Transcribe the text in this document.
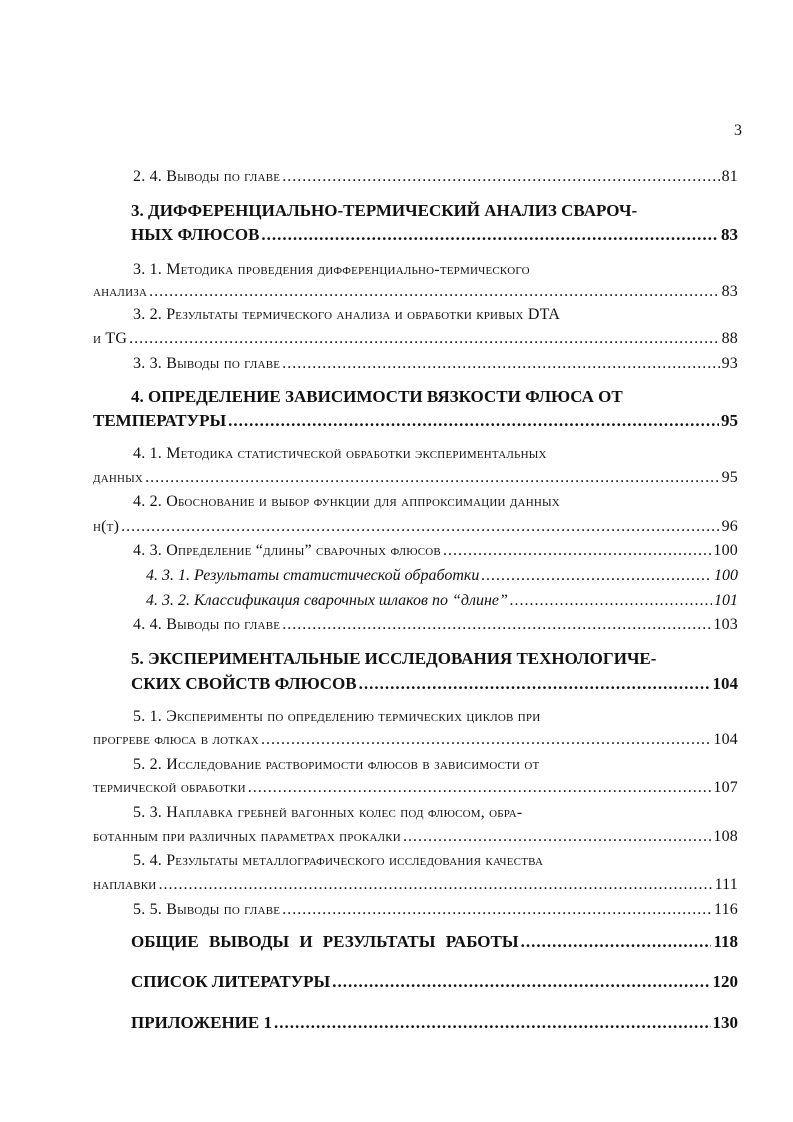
3
2. 4. Выводы по главе .....	81
3. ДИФФЕРЕНЦИАЛЬНО-ТЕРМИЧЕСКИЙ АНАЛИЗ СВАРОЧ-
НЫХ ФЛЮСОВ .....	83
3. 1. Методика проведения дифференциально-термического
анализа .....	83
3. 2. Результаты термического анализа и обработки кривых DTA
и TG .....	88
3. 3. Выводы по главе .....	93
4. ОПРЕДЕЛЕНИЕ ЗАВИСИМОСТИ ВЯЗКОСТИ ФЛЮСА ОТ
ТЕМПЕРАТУРЫ .....	95
4. 1. Методика статистической обработки экспериментальных
данных .....	95
4. 2. Обоснование и выбор функции для аппроксимации данных
η(т) .....	96
4. 3. Определение “длины” сварочных флюсов .....	100
4. 3. 1. Результаты статистической обработки .....	100
4. 3. 2. Классификация сварочных шлаков по “длине” .....	101
4. 4. Выводы по главе .....	103
5. ЭКСПЕРИМЕНТАЛЬНЫЕ ИССЛЕДОВАНИЯ ТЕХНОЛОГИЧЕ-
СКИХ СВОЙСТВ ФЛЮСОВ .....	104
5. 1. Эксперименты по определению термических циклов при
прогреве флюса в лотках .....	104
5. 2. Исследование растворимости флюсов в зависимости от
термической обработки .....	107
5. 3. Наплавка гребней вагонных колес под флюсом, обра-
ботанным при различных параметрах прокалки .....	108
5. 4. Результаты металлографического исследования качества
наплавки .....	111
5. 5. Выводы по главе .....	116
ОБЩИЕ ВЫВОДЫ И РЕЗУЛЬТАТЫ РАБОТЫ .....	118
СПИСОК ЛИТЕРАТУРЫ .....	120
ПРИЛОЖЕНИЕ 1 .....	130
